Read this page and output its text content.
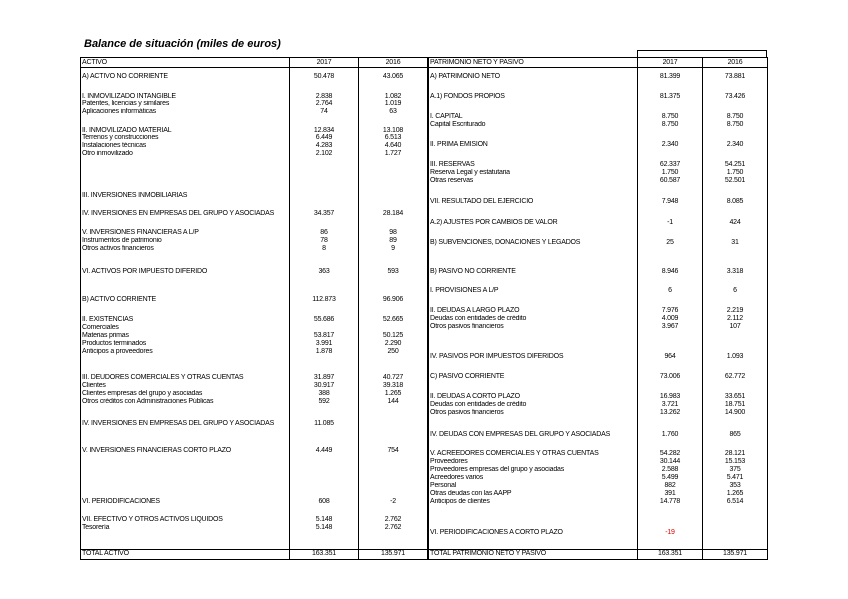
Balance de situación (miles de euros)
ACTIVO	2017	2016
A) ACTIVO NO CORRIENTE	50.478	43.065
I. INMOVILIZADO INTANGIBLE	2.838	1.082
Patentes, licencias y similares	2.764	1.019
Aplicaciones informáticas	74	63
II. INMOVILIZADO MATERIAL	12.834	13.108
Terrenos y construcciones	6.449	6.513
Instalaciones técnicas	4.283	4.640
Otro inmovilizado	2.102	1.727
III. INVERSIONES INMOBILIARIAS
IV. INVERSIONES EN EMPRESAS DEL GRUPO Y ASOCIADAS	34.357	28.184
V. INVERSIONES FINANCIERAS A L/P	86	98
Instrumentos de patrimonio	78	89
Otros activos financieros	8	9
VI. ACTIVOS POR IMPUESTO DIFERIDO	363	593
B) ACTIVO CORRIENTE	112.873	96.906
II. EXISTENCIAS	55.686	52.665
Comerciales
Materias primas	53.817	50.125
Productos terminados	3.991	2.290
Anticipos a proveedores	1.878	250
III. DEUDORES COMERCIALES Y OTRAS CUENTAS	31.897	40.727
Clientes	30.917	39.318
Clientes empresas del grupo y asociadas	388	1.265
Otros créditos con Administraciones Públicas	592	144
IV. INVERSIONES EN EMPRESAS DEL GRUPO Y ASOCIADAS	11.085
V. INVERSIONES FINANCIERAS CORTO PLAZO	4.449	754
VI. PERIODIFICACIONES	608	-2
VII. EFECTIVO Y OTROS ACTIVOS LÍQUIDOS	5.148	2.762
Tesorería	5.148	2.762
TOTAL ACTIVO	163.351	135.971
PATRIMONIO NETO Y PASIVO	2017	2016
A) PATRIMONIO NETO	81.399	73.881
A.1) FONDOS PROPIOS	81.375	73.426
I. CAPITAL	8.750	8.750
Capital Escriturado	8.750	8.750
II. PRIMA EMISIÓN	2.340	2.340
III. RESERVAS	62.337	54.251
Reserva Legal y estatutaria	1.750	1.750
Otras reservas	60.587	52.501
VII. RESULTADO DEL EJERCICIO	7.948	8.085
A.2) AJUSTES POR CAMBIOS DE VALOR	-1	424
B) SUBVENCIONES, DONACIONES Y LEGADOS	25	31
B) PASIVO NO CORRIENTE	8.946	3.318
I. PROVISIONES A L/P	6	6
II. DEUDAS A LARGO PLAZO	7.976	2.219
Deudas con entidades de crédito	4.009	2.112
Otros pasivos financieros	3.967	107
IV. PASIVOS POR IMPUESTOS DIFERIDOS	964	1.093
C) PASIVO CORRIENTE	73.006	62.772
II. DEUDAS A CORTO PLAZO	16.983	33.651
Deudas con entidades de crédito	3.721	18.751
Otros pasivos financieros	13.262	14.900
IV. DEUDAS CON EMPRESAS DEL GRUPO Y ASOCIADAS	1.760	865
V. ACREEDORES COMERCIALES Y OTRAS CUENTAS	54.282	28.121
Proveedores	30.144	15.153
Proveedores empresas del grupo y asociadas	2.588	375
Acreedores varios	5.499	5.471
Personal	882	353
Otras deudas con las AAPP	391	1.265
Anticipos de clientes	14.778	6.514
VI. PERIODIFICACIONES A CORTO PLAZO	-19
TOTAL PATRIMONIO NETO Y PASIVO	163.351	135.971
